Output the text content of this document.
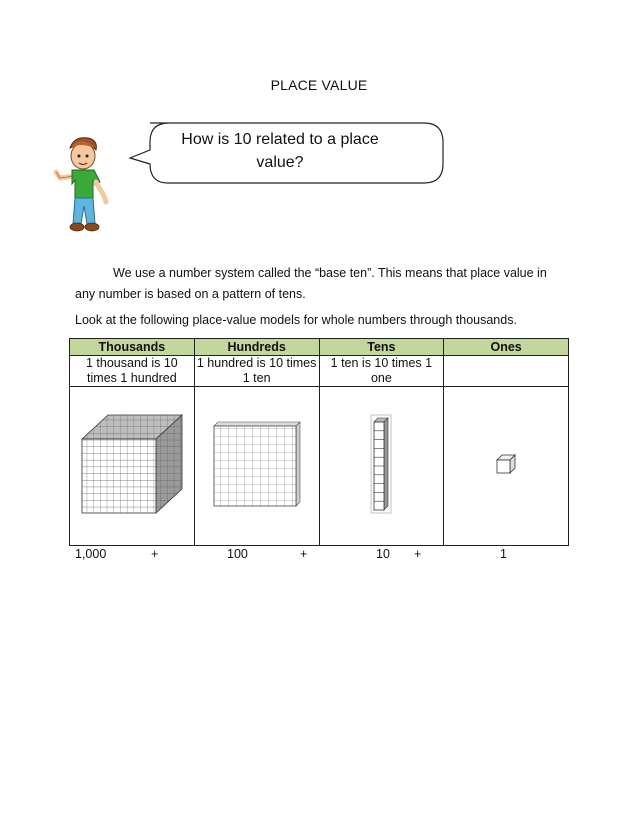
PLACE VALUE
How is 10 related to a place
value?
We use a number system called the “base ten”. This means that place value in any number is based on a pattern of tens.
Look at the following place-value models for whole numbers through thousands.
Thousands	Hundreds	Tens	Ones
1 thousand is 10 times 1 hundred	1 hundred is 10 times 1 ten	1 ten is 10 times 1 one	

1,000	+	100	+	10 +	1
